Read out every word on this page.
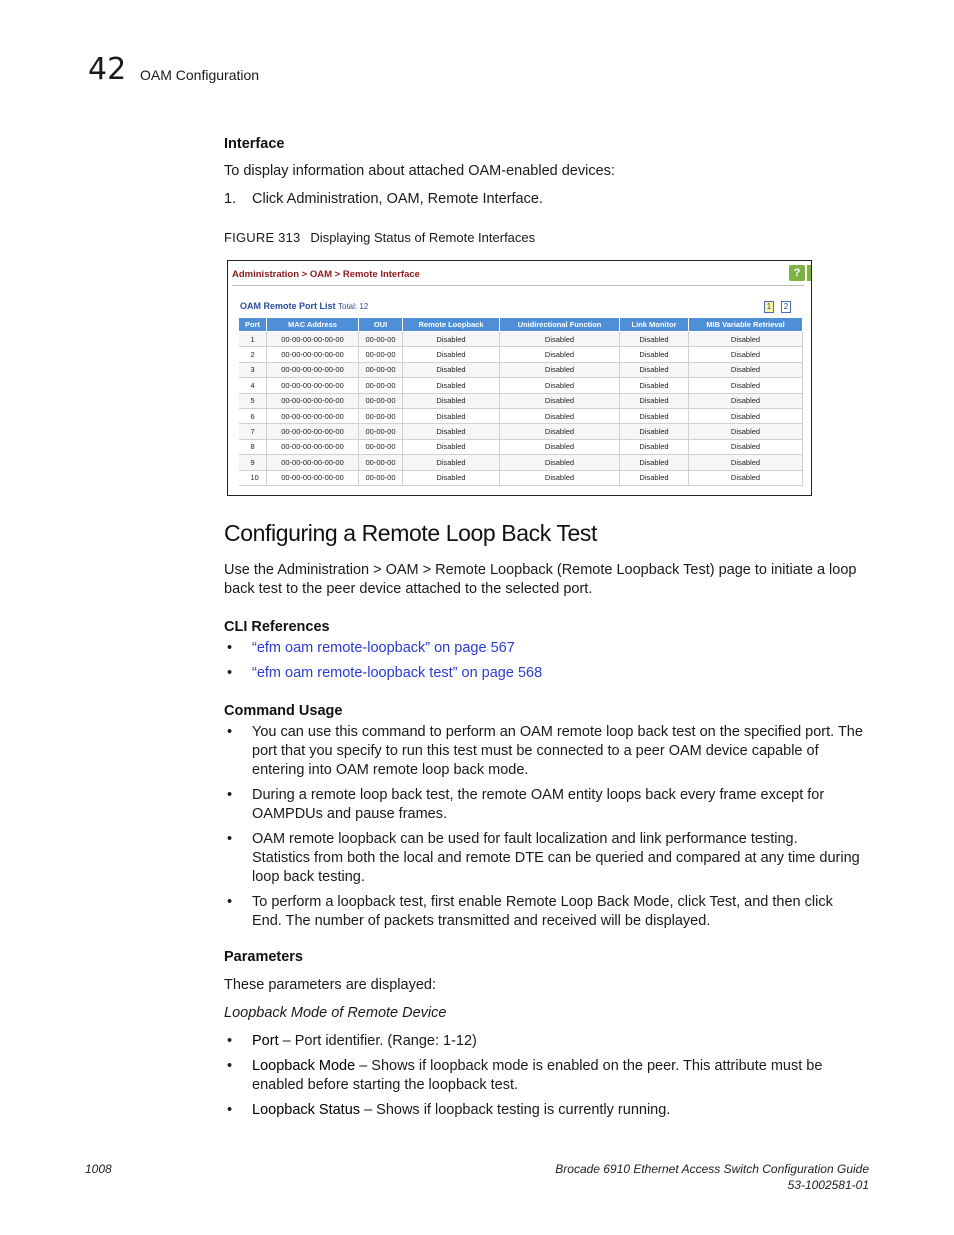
42 OAM Configuration
Interface
To display information about attached OAM-enabled devices:
1. Click Administration, OAM, Remote Interface.
FIGURE 313 Displaying Status of Remote Interfaces
Administration > OAM > Remote Interface	?
OAM Remote Port List Total: 12	1	2
Port	MAC Address	OUI	Remote Loopback	Unidirectional Function	Link Monitor	MIB Variable Retrieval
1	00-00-00-00-00-00	00-00-00	Disabled	Disabled	Disabled	Disabled
2	00-00-00-00-00-00	00-00-00	Disabled	Disabled	Disabled	Disabled
3	00-00-00-00-00-00	00-00-00	Disabled	Disabled	Disabled	Disabled
4	00-00-00-00-00-00	00-00-00	Disabled	Disabled	Disabled	Disabled
5	00-00-00-00-00-00	00-00-00	Disabled	Disabled	Disabled	Disabled
6	00-00-00-00-00-00	00-00-00	Disabled	Disabled	Disabled	Disabled
7	00-00-00-00-00-00	00-00-00	Disabled	Disabled	Disabled	Disabled
8	00-00-00-00-00-00	00-00-00	Disabled	Disabled	Disabled	Disabled
9	00-00-00-00-00-00	00-00-00	Disabled	Disabled	Disabled	Disabled
10	00-00-00-00-00-00	00-00-00	Disabled	Disabled	Disabled	Disabled
Configuring a Remote Loop Back Test
Use the Administration > OAM > Remote Loopback (Remote Loopback Test) page to initiate a loop
back test to the peer device attached to the selected port.
CLI References
• “efm oam remote-loopback” on page 567
• “efm oam remote-loopback test” on page 568
Command Usage
• You can use this command to perform an OAM remote loop back test on the specified port. The
port that you specify to run this test must be connected to a peer OAM device capable of
entering into OAM remote loop back mode.
• During a remote loop back test, the remote OAM entity loops back every frame except for
OAMPDUs and pause frames.
• OAM remote loopback can be used for fault localization and link performance testing.
Statistics from both the local and remote DTE can be queried and compared at any time during
loop back testing.
• To perform a loopback test, first enable Remote Loop Back Mode, click Test, and then click
End. The number of packets transmitted and received will be displayed.
Parameters
These parameters are displayed:
Loopback Mode of Remote Device
• Port – Port identifier. (Range: 1-12)
• Loopback Mode – Shows if loopback mode is enabled on the peer. This attribute must be
enabled before starting the loopback test.
• Loopback Status – Shows if loopback testing is currently running.
1008	Brocade 6910 Ethernet Access Switch Configuration Guide
53-1002581-01
